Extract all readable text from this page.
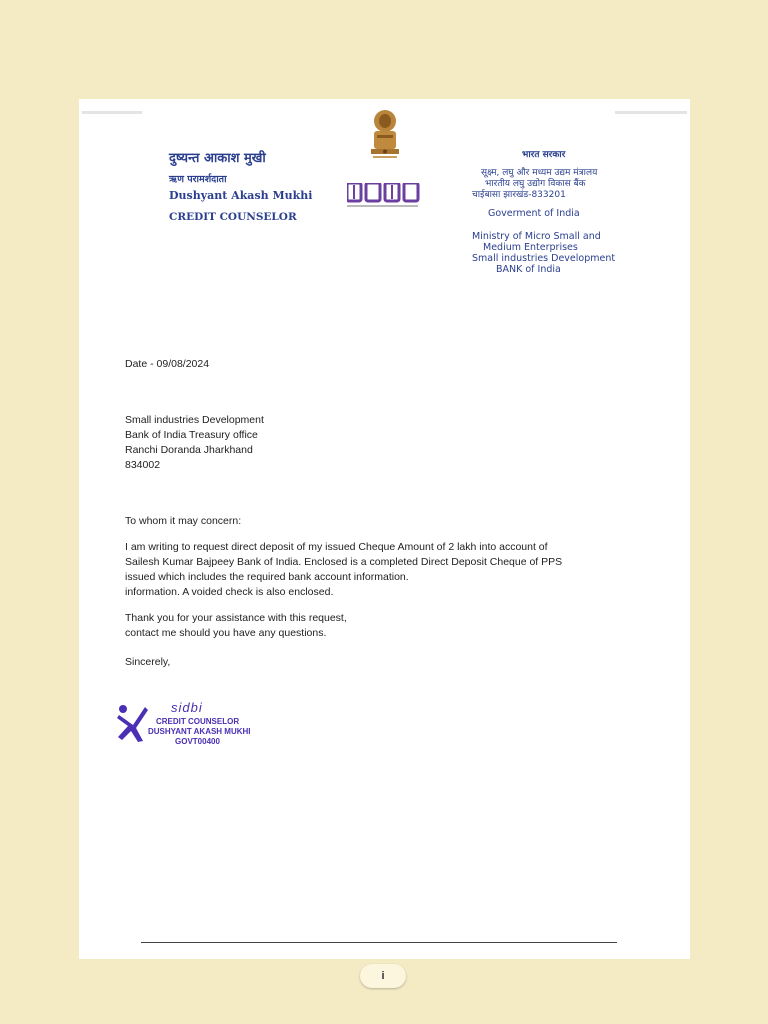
दुष्यन्त आकाश मुखी
ऋण परामर्शदाता
Dushyant Akash Mukhi
CREDIT COUNSELOR
भारत सरकार
सूक्ष्म, लघु और मध्यम उद्यम मंत्रालय
भारतीय लघु उद्योग विकास बैंक
चाईबासा झारखंड-833201
Goverment of India
Ministry of Micro Small and
Medium Enterprises
Small industries Development
BANK of India
Date - 09/08/2024
Small industries Development
Bank of India Treasury office
Ranchi Doranda Jharkhand
834002
To whom it may concern:
I am writing to request direct deposit of my issued Cheque Amount of 2 lakh into account of
Sailesh Kumar Bajpeey Bank of India. Enclosed is a completed Direct Deposit Cheque of PPS
issued which includes the required bank account information.
information. A voided check is also enclosed.
Thank you for your assistance with this request,
contact me should you have any questions.
Sincerely,
sidbi
CREDIT COUNSELOR
DUSHYANT AKASH MUKHI
GOVT00400
i
